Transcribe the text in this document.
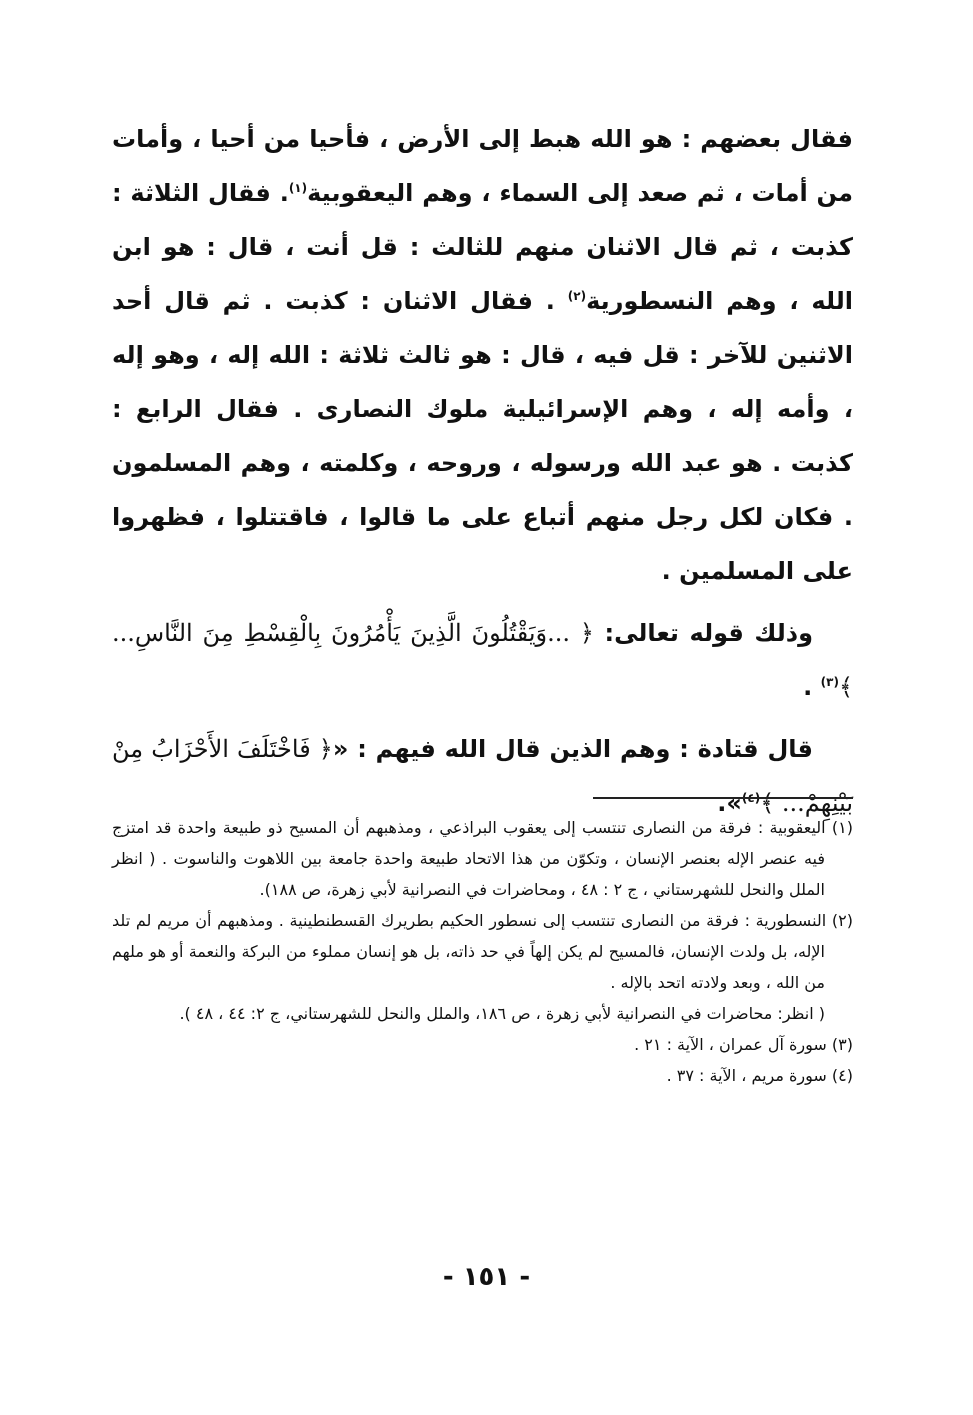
فقال بعضهم : هو الله هبط إلى الأرض ، فأحيا من أحيا ، وأمات من أمات ، ثم صعد إلى السماء ، وهم اليعقوبية$^{(١)}$. فقال الثلاثة : كذبت ، ثم قال الاثنان منهم للثالث : قل أنت ، قال : هو ابن الله ، وهم النسطورية$^{(٢)}$ . فقال الاثنان : كذبت . ثم قال أحد الاثنين للآخر : قل فيه ، قال : هو ثالث ثلاثة : الله إله ، وهو إله ، وأمه إله ، وهم الإسرائيلية ملوك النصارى . فقال الرابع : كذبت . هو عبد الله ورسوله ، وروحه ، وكلمته ، وهم المسلمون . فكان لكل رجل منهم أتباع على ما قالوا ، فاقتتلوا ، فظهروا على المسلمين .

وذلك قوله تعالى: ﴿ ...وَيَقْتُلُونَ الَّذِينَ يَأْمُرُونَ بِالْقِسْطِ مِنَ النَّاسِ... ﴾$^{(٣)}$ .

قال قتادة : وهم الذين قال الله فيهم : «﴿ فَاخْتَلَفَ الأَحْزَابُ مِنْ بَيْنِهِمْ... ﴾$^{(٤)}$».

(١) اليعقوبية : فرقة من النصارى تنتسب إلى يعقوب البراذعي ، ومذهبهم أن المسيح ذو طبيعة واحدة قد امتزج فيه عنصر الإله بعنصر الإنسان ، وتكوّن من هذا الاتحاد طبيعة واحدة جامعة بين اللاهوت والناسوت . ( انظر الملل والنحل للشهرستاني ، ج ٢ : ٤٨ ، ومحاضرات في النصرانية لأبي زهرة، ص ١٨٨).

(٢) النسطورية : فرقة من النصارى تنتسب إلى نسطور الحكيم بطريرك القسطنطينية . ومذهبهم أن مريم لم تلد الإله، بل ولدت الإنسان، فالمسيح لم يكن إلهاً في حد ذاته، بل هو إنسان مملوء من البركة والنعمة أو هو ملهم من الله ، وبعد ولادته اتحد بالإله .
( انظر: محاضرات في النصرانية لأبي زهرة ، ص ١٨٦، والملل والنحل للشهرستاني، ج ٢: ٤٤ ، ٤٨ ).

(٣) سورة آل عمران ، الآية : ٢١ .

(٤) سورة مريم ، الآية : ٣٧ .

- ١٥١ -
